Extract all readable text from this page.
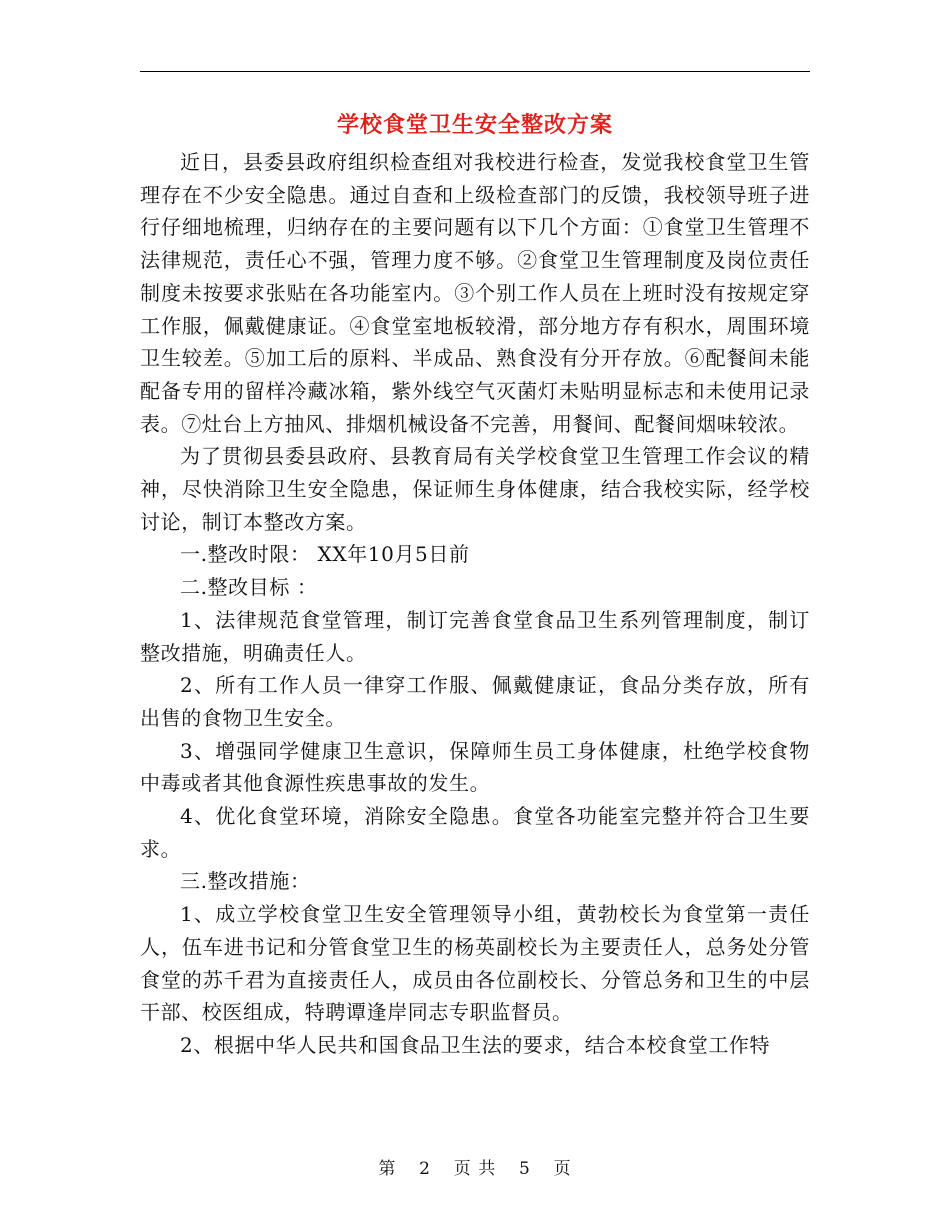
学校食堂卫生安全整改方案

近日，县委县政府组织检查组对我校进行检查，发觉我校食堂卫生管理存在不少安全隐患。通过自查和上级检查部门的反馈，我校领导班子进行仔细地梳理，归纳存在的主要问题有以下几个方面：①食堂卫生管理不法律规范，责任心不强，管理力度不够。②食堂卫生管理制度及岗位责任制度未按要求张贴在各功能室内。③个别工作人员在上班时没有按规定穿工作服，佩戴健康证。④食堂室地板较滑，部分地方存有积水，周围环境卫生较差。⑤加工后的原料、半成品、熟食没有分开存放。⑥配餐间未能配备专用的留样冷藏冰箱，紫外线空气灭菌灯未贴明显标志和未使用记录表。⑦灶台上方抽风、排烟机械设备不完善，用餐间、配餐间烟味较浓。

为了贯彻县委县政府、县教育局有关学校食堂卫生管理工作会议的精神，尽快消除卫生安全隐患，保证师生身体健康，结合我校实际，经学校讨论，制订本整改方案。

一.整改时限： XX年10月5日前

二.整改目标 ：

1、法律规范食堂管理，制订完善食堂食品卫生系列管理制度，制订整改措施，明确责任人。

2、所有工作人员一律穿工作服、佩戴健康证，食品分类存放，所有出售的食物卫生安全。

3、增强同学健康卫生意识，保障师生员工身体健康，杜绝学校食物中毒或者其他食源性疾患事故的发生。

4、优化食堂环境，消除安全隐患。食堂各功能室完整并符合卫生要求。

三.整改措施：

1、成立学校食堂卫生安全管理领导小组，黄勃校长为食堂第一责任人，伍车进书记和分管食堂卫生的杨英副校长为主要责任人，总务处分管食堂的苏千君为直接责任人，成员由各位副校长、分管总务和卫生的中层干部、校医组成，特聘谭逢岸同志专职监督员。

2、根据中华人民共和国食品卫生法的要求，结合本校食堂工作特

第 2 页 共 5 页
